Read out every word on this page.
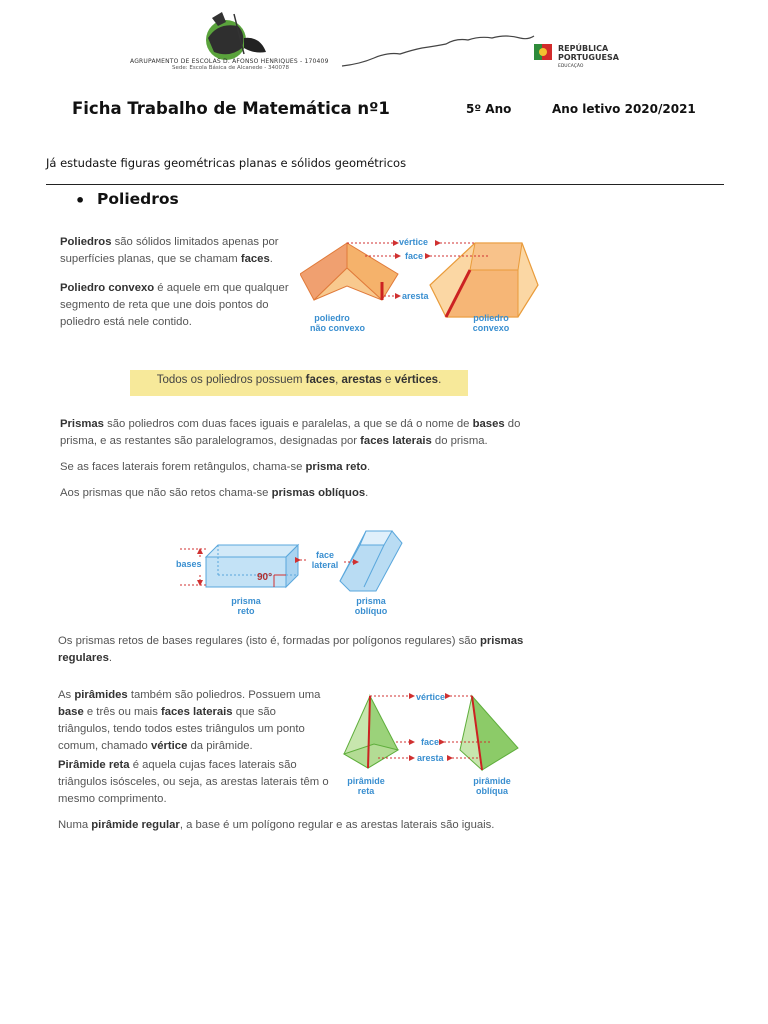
AGRUPAMENTO DE ESCOLAS D. AFONSO HENRIQUES - 170409
Sede: Escola Básica de Alcanede - 340078
REPÚBLICA
PORTUGUESA
EDUCAÇÃO
Ficha Trabalho de Matemática nº1	5º Ano	Ano letivo 2020/2021
Já estudaste figuras geométricas planas e sólidos geométricos
• Poliedros
Poliedros são sólidos limitados apenas por superfícies planas, que se chamam faces.
Poliedro convexo é aquele em que qualquer segmento de reta que une dois pontos do poliedro está nele contido.
vértice
face
aresta
poliedro
não convexo
poliedro
convexo
Todos os poliedros possuem faces, arestas e vértices.
Prismas são poliedros com duas faces iguais e paralelas, a que se dá o nome de bases do prisma, e as restantes são paralelogramos, designadas por faces laterais do prisma.
Se as faces laterais forem retângulos, chama-se prisma reto.
Aos prismas que não são retos chama-se prismas oblíquos.
bases
90°
face
lateral
prisma
reto
prisma
oblíquo
Os prismas retos de bases regulares (isto é, formadas por polígonos regulares) são prismas regulares.
As pirâmides também são poliedros. Possuem uma base e três ou mais faces laterais que são triângulos, tendo todos estes triângulos um ponto comum, chamado vértice da pirâmide.
Pirâmide reta é aquela cujas faces laterais são triângulos isósceles, ou seja, as arestas laterais têm o mesmo comprimento.
Numa pirâmide regular, a base é um polígono regular e as arestas laterais são iguais.
vértice
face
aresta
pirâmide
reta
pirâmide
oblíqua
